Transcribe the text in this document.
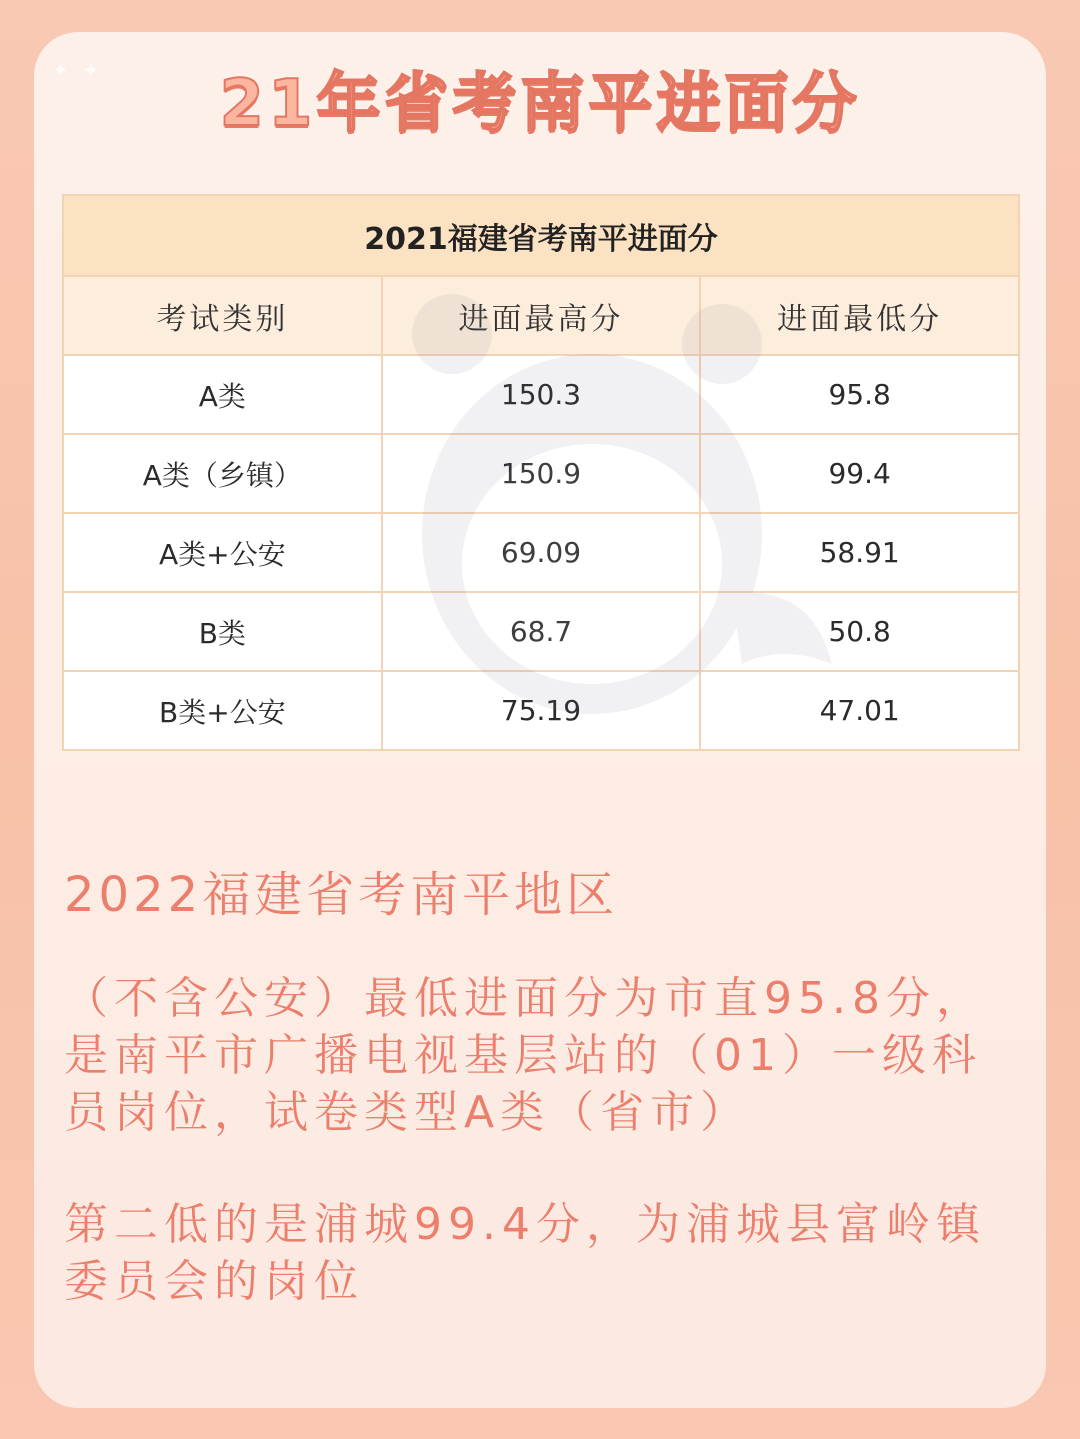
✦✦	21年省考南平进面分
2021福建省考南平进面分		
考试类别	进面最高分	进面最低分
A类	150.3	95.8
A类（乡镇）	150.9	99.4
A类+公安	69.09	58.91
B类	68.7	50.8
B类+公安	75.19	47.01
2022福建省考南平地区
（不含公安）最低进面分为市直95.8分，是南平市广播电视基层站的（01）一级科员岗位，试卷类型A类（省市）
第二低的是浦城99.4分，为浦城县富岭镇委员会的岗位
